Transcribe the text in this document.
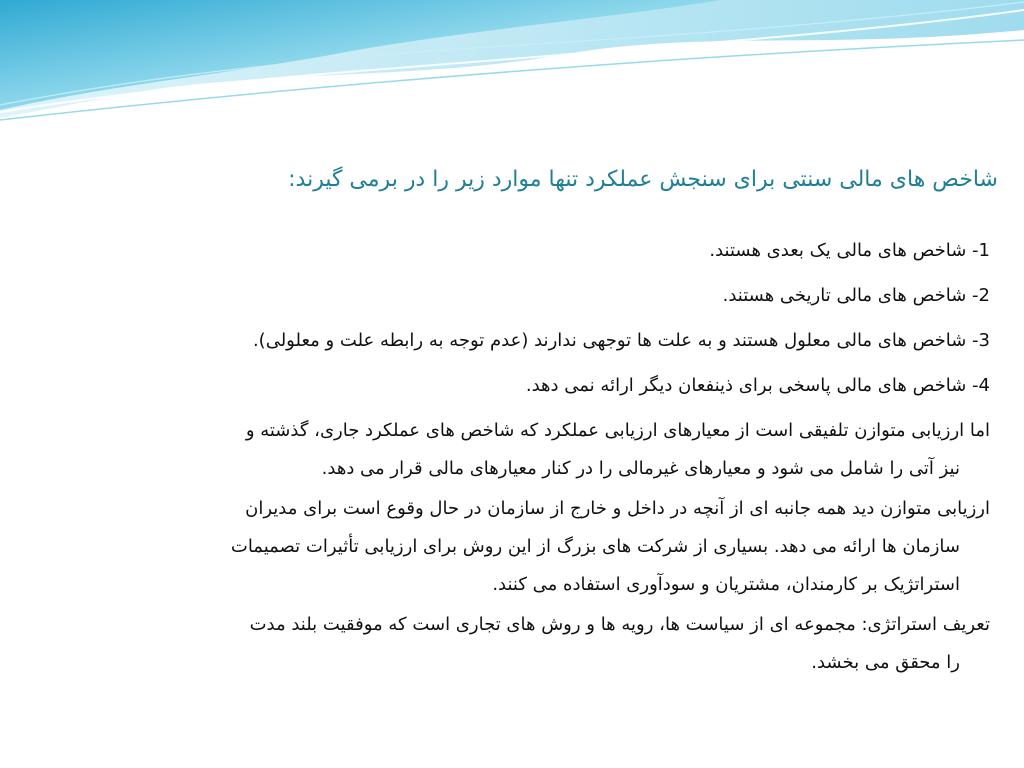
شاخص های مالی سنتی برای سنجش عملکرد تنها موارد زیر را در برمی گیرند:
1- شاخص های مالی یک بعدی هستند.
2- شاخص های مالی تاریخی هستند.
3- شاخص های مالی معلول هستند و به علت ها توجهی ندارند (عدم توجه به رابطه علت و معلولی).
4- شاخص های مالی پاسخی برای ذینفعان دیگر ارائه نمی دهد.
اما ارزیابی متوازن تلفیقی است از معیارهای ارزیابی عملکرد که شاخص های عملکرد جاری، گذشته و
نیز آتی را شامل می شود و معیارهای غیرمالی را در کنار معیارهای مالی قرار می دهد.
ارزیابی متوازن دید همه جانبه ای از آنچه در داخل و خارج از سازمان در حال وقوع است برای مدیران
سازمان ها ارائه می دهد. بسیاری از شرکت های بزرگ از این روش برای ارزیابی تأثیرات تصمیمات
استراتژیک بر کارمندان، مشتریان و سودآوری استفاده می کنند.
تعریف استراتژی: مجموعه ای از سیاست ها، رویه ها و روش های تجاری است که موفقیت بلند مدت
را محقق می بخشد.
